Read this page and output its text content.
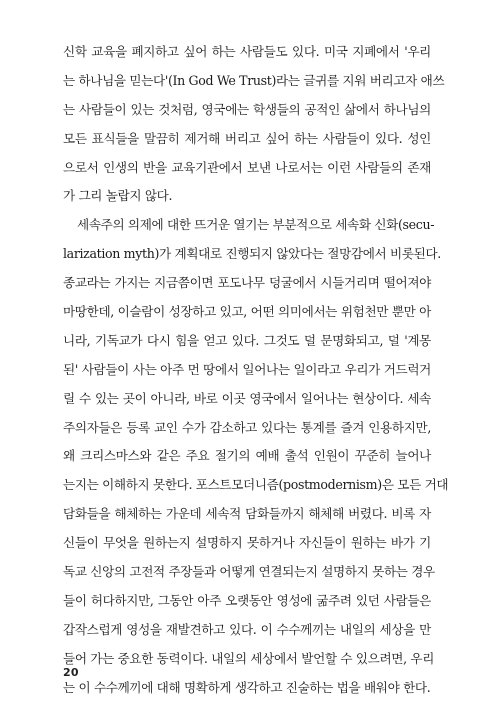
신학 교육을 폐지하고 싶어 하는 사람들도 있다. 미국 지폐에서 '우리
는 하나님을 믿는다'(In God We Trust)라는 글귀를 지워 버리고자 애쓰
는 사람들이 있는 것처럼, 영국에는 학생들의 공적인 삶에서 하나님의
모든 표식들을 말끔히 제거해 버리고 싶어 하는 사람들이 있다. 성인
으로서 인생의 반을 교육기관에서 보낸 나로서는 이런 사람들의 존재
가 그리 놀랍지 않다.
세속주의 의제에 대한 뜨거운 열기는 부분적으로 세속화 신화(secu-
larization myth)가 계획대로 진행되지 않았다는 절망감에서 비롯된다.
종교라는 가지는 지금쯤이면 포도나무 덩굴에서 시들거리며 떨어져야
마땅한데, 이슬람이 성장하고 있고, 어떤 의미에서는 위험천만 뿐만 아
니라, 기독교가 다시 힘을 얻고 있다. 그것도 덜 문명화되고, 덜 '계몽
된' 사람들이 사는 아주 먼 땅에서 일어나는 일이라고 우리가 거드럭거
릴 수 있는 곳이 아니라, 바로 이곳 영국에서 일어나는 현상이다. 세속
주의자들은 등록 교인 수가 감소하고 있다는 통계를 즐겨 인용하지만,
왜 크리스마스와 같은 주요 절기의 예배 출석 인원이 꾸준히 늘어나
는지는 이해하지 못한다. 포스트모더니즘(postmodernism)은 모든 거대
담화들을 해체하는 가운데 세속적 담화들까지 해체해 버렸다. 비록 자
신들이 무엇을 원하는지 설명하지 못하거나 자신들이 원하는 바가 기
독교 신앙의 고전적 주장들과 어떻게 연결되는지 설명하지 못하는 경우
들이 허다하지만, 그동안 아주 오랫동안 영성에 굶주려 있던 사람들은
갑작스럽게 영성을 재발견하고 있다. 이 수수께끼는 내일의 세상을 만
들어 가는 중요한 동력이다. 내일의 세상에서 발언할 수 있으려면, 우리
는 이 수수께끼에 대해 명확하게 생각하고 진술하는 법을 배워야 한다.
20
